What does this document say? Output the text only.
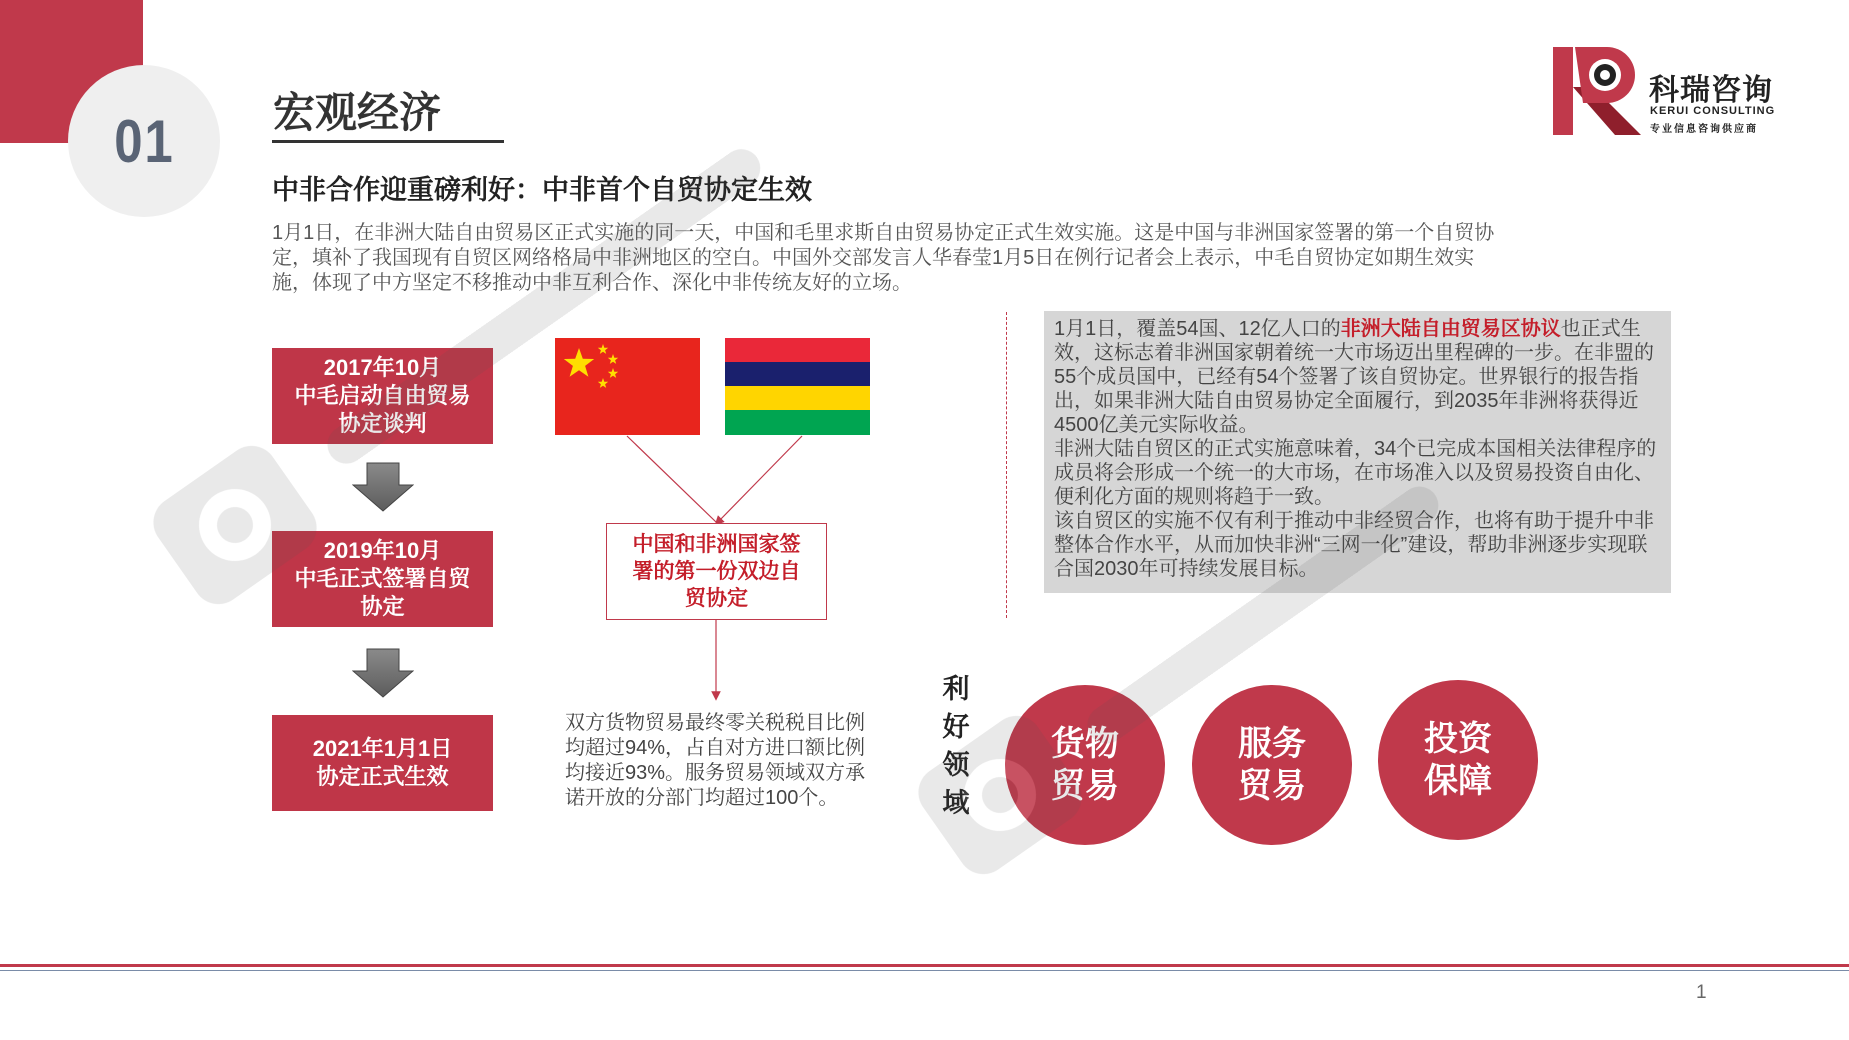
01 宏观经济
中非合作迎重磅利好：中非首个自贸协定生效
1月1日，在非洲大陆自由贸易区正式实施的同一天，中国和毛里求斯自由贸易协定正式生效实施。这是中国与非洲国家签署的第一个自贸协定，填补了我国现有自贸区网络格局中非洲地区的空白。中国外交部发言人华春莹1月5日在例行记者会上表示，中毛自贸协定如期生效实施，体现了中方坚定不移推动中非互利合作、深化中非传统友好的立场。
科瑞咨询
KERUI CONSULTING
专业信息咨询供应商
2017年10月
中毛启动自由贸易
协定谈判
2019年10月
中毛正式签署自贸
协定
2021年1月1日
协定正式生效
中国和非洲国家签
署的第一份双边自
贸协定
双方货物贸易最终零关税税目比例均超过94%，占自对方进口额比例均接近93%。服务贸易领域双方承诺开放的分部门均超过100个。
1月1日，覆盖54国、12亿人口的非洲大陆自由贸易区协议也正式生效，这标志着非洲国家朝着统一大市场迈出里程碑的一步。在非盟的55个成员国中，已经有54个签署了该自贸协定。世界银行的报告指出，如果非洲大陆自由贸易协定全面履行，到2035年非洲将获得近4500亿美元实际收益。
非洲大陆自贸区的正式实施意味着，34个已完成本国相关法律程序的成员将会形成一个统一的大市场，在市场准入以及贸易投资自由化、便利化方面的规则将趋于一致。
该自贸区的实施不仅有利于推动中非经贸合作，也将有助于提升中非整体合作水平，从而加快非洲“三网一化”建设，帮助非洲逐步实现联合国2030年可持续发展目标。
利
好
领
域
货物
贸易
服务
贸易
投资
保障
1
